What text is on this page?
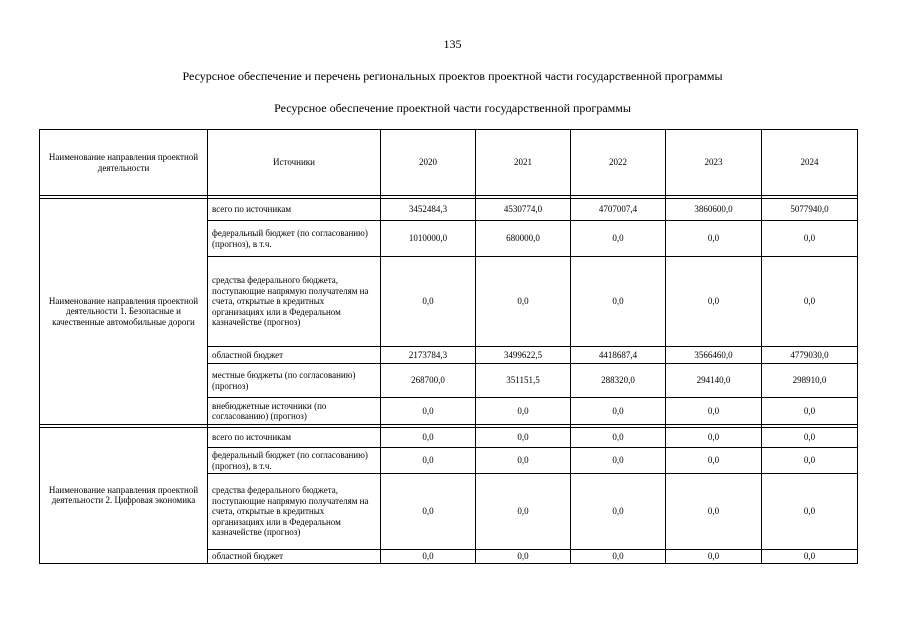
135
Ресурсное обеспечение и перечень региональных проектов проектной части государственной программы
Ресурсное обеспечение проектной части государственной программы
Наименование направления проектной деятельности	Источники	2020	2021	2022	2023	2024

Наименование направления проектной деятельности 1. Безопасные и качественные автомобильные дороги	всего по источникам	3452484,3	4530774,0	4707007,4	3860600,0	5077940,0
	федеральный бюджет (по согласованию) (прогноз), в т.ч.	1010000,0	680000,0	0,0	0,0	0,0
	средства федерального бюджета, поступающие напрямую получателям на счета, открытые в кредитных организациях или в Федеральном казначействе (прогноз)	0,0	0,0	0,0	0,0	0,0
	областной бюджет	2173784,3	3499622,5	4418687,4	3566460,0	4779030,0
	местные бюджеты (по согласованию) (прогноз)	268700,0	351151,5	288320,0	294140,0	298910,0
	внебюджетные источники (по согласованию) (прогноз)	0,0	0,0	0,0	0,0	0,0

Наименование направления проектной деятельности 2. Цифровая экономика	всего по источникам	0,0	0,0	0,0	0,0	0,0
	федеральный бюджет (по согласованию) (прогноз), в т.ч.	0,0	0,0	0,0	0,0	0,0
	средства федерального бюджета, поступающие напрямую получателям на счета, открытые в кредитных организациях или в Федеральном казначействе (прогноз)	0,0	0,0	0,0	0,0	0,0
	областной бюджет	0,0	0,0	0,0	0,0	0,0
